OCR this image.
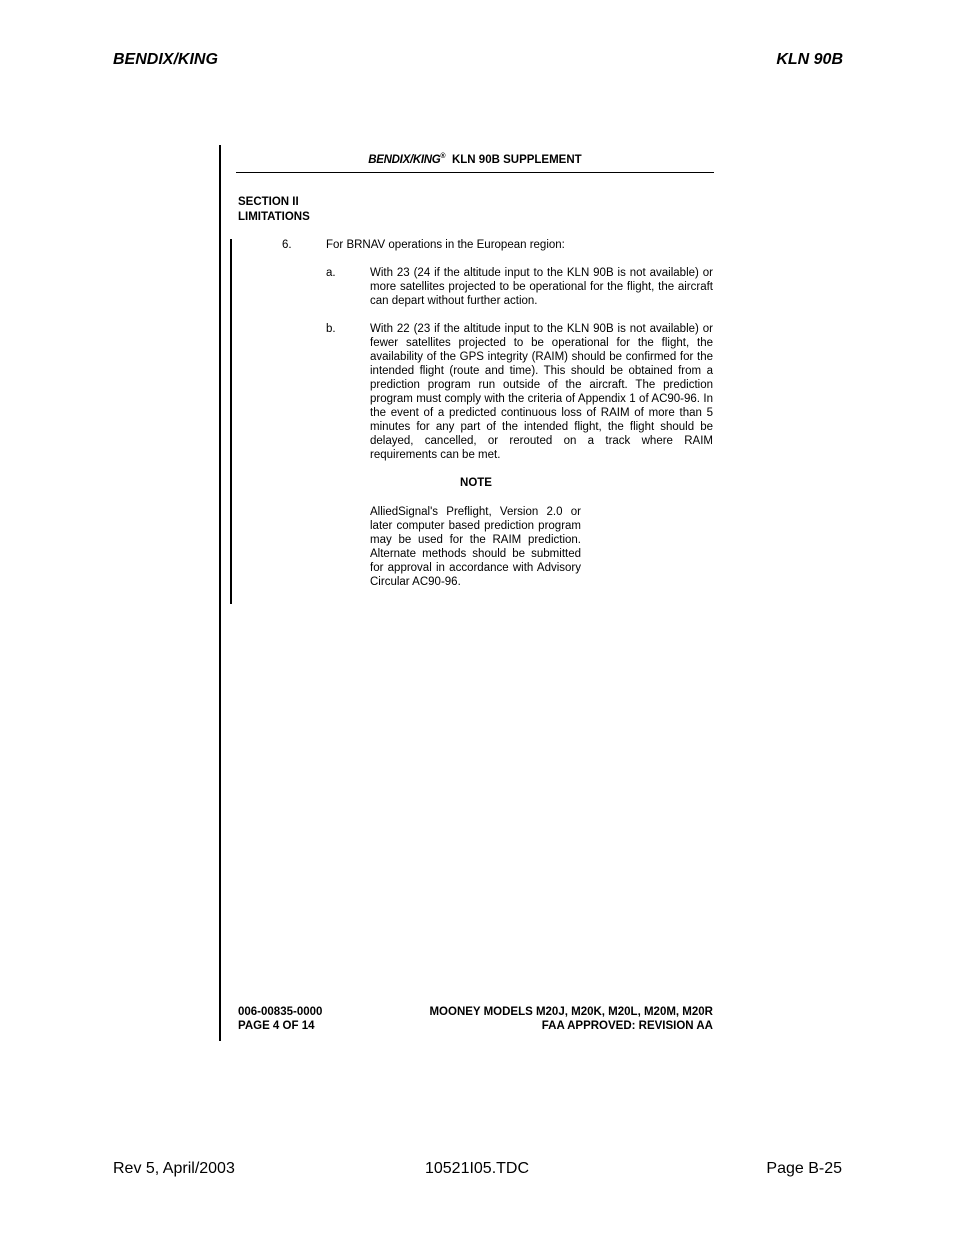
BENDIX/KING	KLN 90B
BENDIX/KING® KLN 90B SUPPLEMENT
SECTION II
LIMITATIONS
6.	For BRNAV operations in the European region:
a.	With 23 (24 if the altitude input to the KLN 90B is not available) or more satellites projected to be operational for the flight, the aircraft can depart without further action.
b.	With 22 (23 if the altitude input to the KLN 90B is not available) or fewer satellites projected to be operational for the flight, the availability of the GPS integrity (RAIM) should be confirmed for the intended flight (route and time). This should be obtained from a prediction program run outside of the aircraft. The prediction program must comply with the criteria of Appendix 1 of AC90-96. In the event of a predicted continuous loss of RAIM of more than 5 minutes for any part of the intended flight, the flight should be delayed, cancelled, or rerouted on a track where RAIM requirements can be met.
NOTE
AlliedSignal's Preflight, Version 2.0 or later computer based prediction program may be used for the RAIM prediction. Alternate methods should be submitted for approval in accordance with Advisory Circular AC90-96.
006-00835-0000
PAGE 4 OF 14
MOONEY MODELS M20J, M20K, M20L, M20M, M20R
FAA APPROVED: REVISION AA
Rev 5, April/2003	10521I05.TDC	Page B-25
